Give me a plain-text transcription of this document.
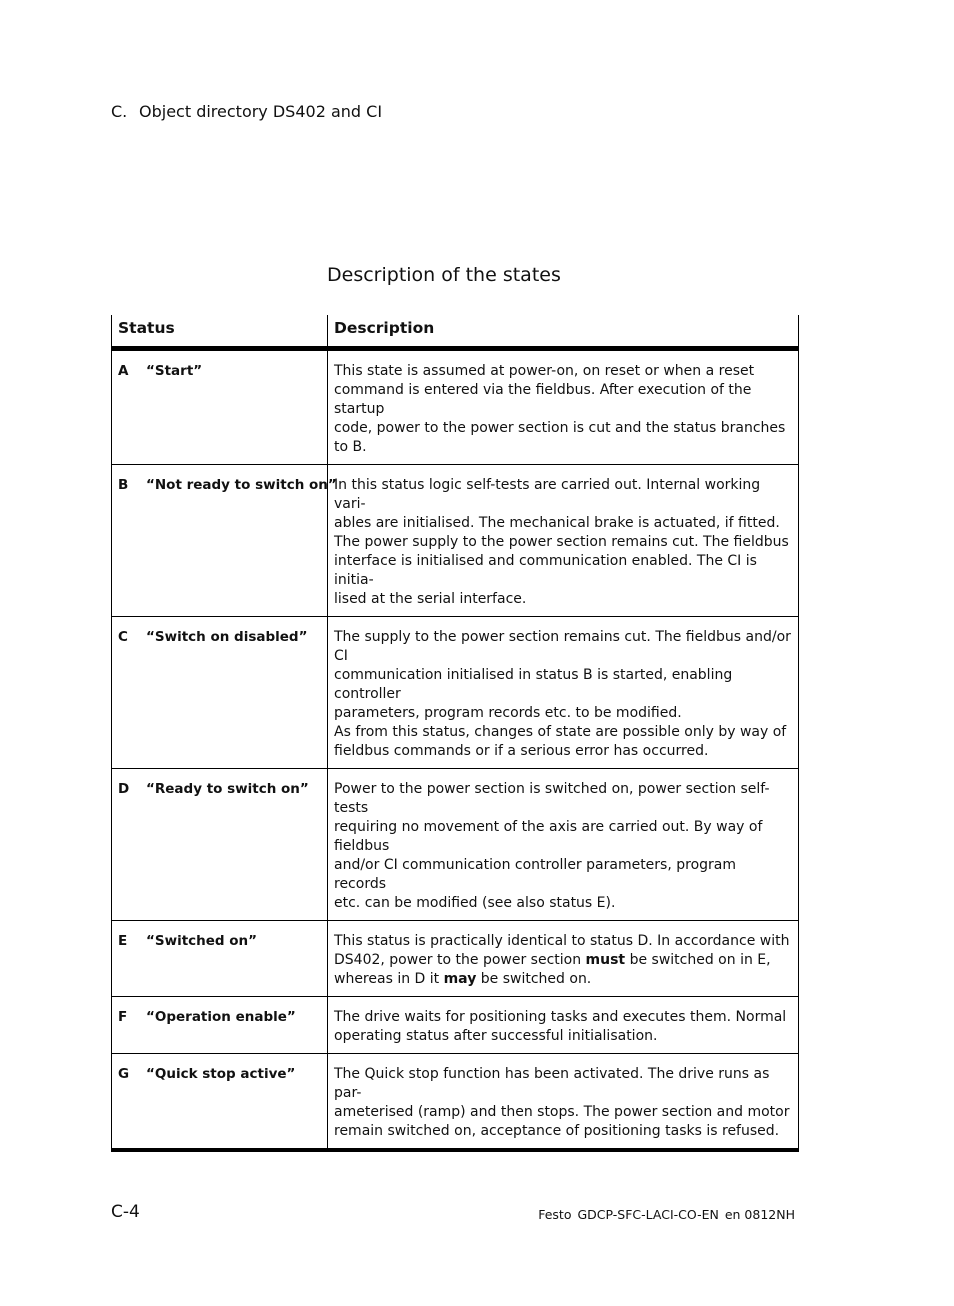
C. Object directory DS402 and CI
Description of the states
Status	Description
A “Start”	This state is assumed at power-on, on reset or when a reset
command is entered via the fieldbus. After execution of the startup
code, power to the power section is cut and the status branches
to B.

B “Not ready to switch on”	In this status logic self-tests are carried out. Internal working vari-
ables are initialised. The mechanical brake is actuated, if fitted.
The power supply to the power section remains cut. The fieldbus
interface is initialised and communication enabled. The CI is initia-
lised at the serial interface.

C “Switch on disabled”	The supply to the power section remains cut. The fieldbus and/or CI
communication initialised in status B is started, enabling controller
parameters, program records etc. to be modified.
As from this status, changes of state are possible only by way of
fieldbus commands or if a serious error has occurred.

D “Ready to switch on”	Power to the power section is switched on, power section self-tests
requiring no movement of the axis are carried out. By way of fieldbus
and/or CI communication controller parameters, program records
etc. can be modified (see also status E).

E “Switched on”	This status is practically identical to status D. In accordance with
DS402, power to the power section must be switched on in E,
whereas in D it may be switched on.

F “Operation enable”	The drive waits for positioning tasks and executes them. Normal
operating status after successful initialisation.

G “Quick stop active”	The Quick stop function has been activated. The drive runs as par-
ameterised (ramp) and then stops. The power section and motor
remain switched on, acceptance of positioning tasks is refused.
C-4	Festo GDCP-SFC-LACI-CO-EN en 0812NH
